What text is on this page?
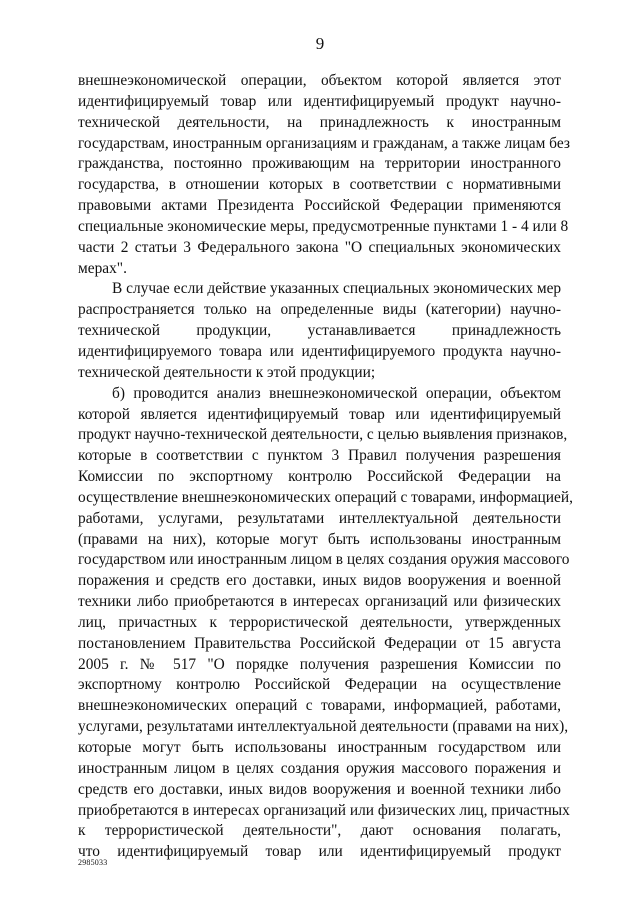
9
внешнеэкономической операции, объектом которой является этот
идентифицируемый товар или идентифицируемый продукт научно-
технической деятельности, на принадлежность к иностранным
государствам, иностранным организациям и гражданам, а также лицам без
гражданства, постоянно проживающим на территории иностранного
государства, в отношении которых в соответствии с нормативными
правовыми актами Президента Российской Федерации применяются
специальные экономические меры, предусмотренные пунктами 1 - 4 или 8
части 2 статьи 3 Федерального закона "О специальных экономических
мерах".
В случае если действие указанных специальных экономических мер
распространяется только на определенные виды (категории) научно-
технической продукции, устанавливается принадлежность
идентифицируемого товара или идентифицируемого продукта научно-
технической деятельности к этой продукции;
б) проводится анализ внешнеэкономической операции, объектом
которой является идентифицируемый товар или идентифицируемый
продукт научно-технической деятельности, с целью выявления признаков,
которые в соответствии с пунктом 3 Правил получения разрешения
Комиссии по экспортному контролю Российской Федерации на
осуществление внешнеэкономических операций с товарами, информацией,
работами, услугами, результатами интеллектуальной деятельности
(правами на них), которые могут быть использованы иностранным
государством или иностранным лицом в целях создания оружия массового
поражения и средств его доставки, иных видов вооружения и военной
техники либо приобретаются в интересах организаций или физических
лиц, причастных к террористической деятельности, утвержденных
постановлением Правительства Российской Федерации от 15 августа
2005 г. № 517 "О порядке получения разрешения Комиссии по
экспортному контролю Российской Федерации на осуществление
внешнеэкономических операций с товарами, информацией, работами,
услугами, результатами интеллектуальной деятельности (правами на них),
которые могут быть использованы иностранным государством или
иностранным лицом в целях создания оружия массового поражения и
средств его доставки, иных видов вооружения и военной техники либо
приобретаются в интересах организаций или физических лиц, причастных
к террористической деятельности", дают основания полагать,
что идентифицируемый товар или идентифицируемый продукт
2985033
